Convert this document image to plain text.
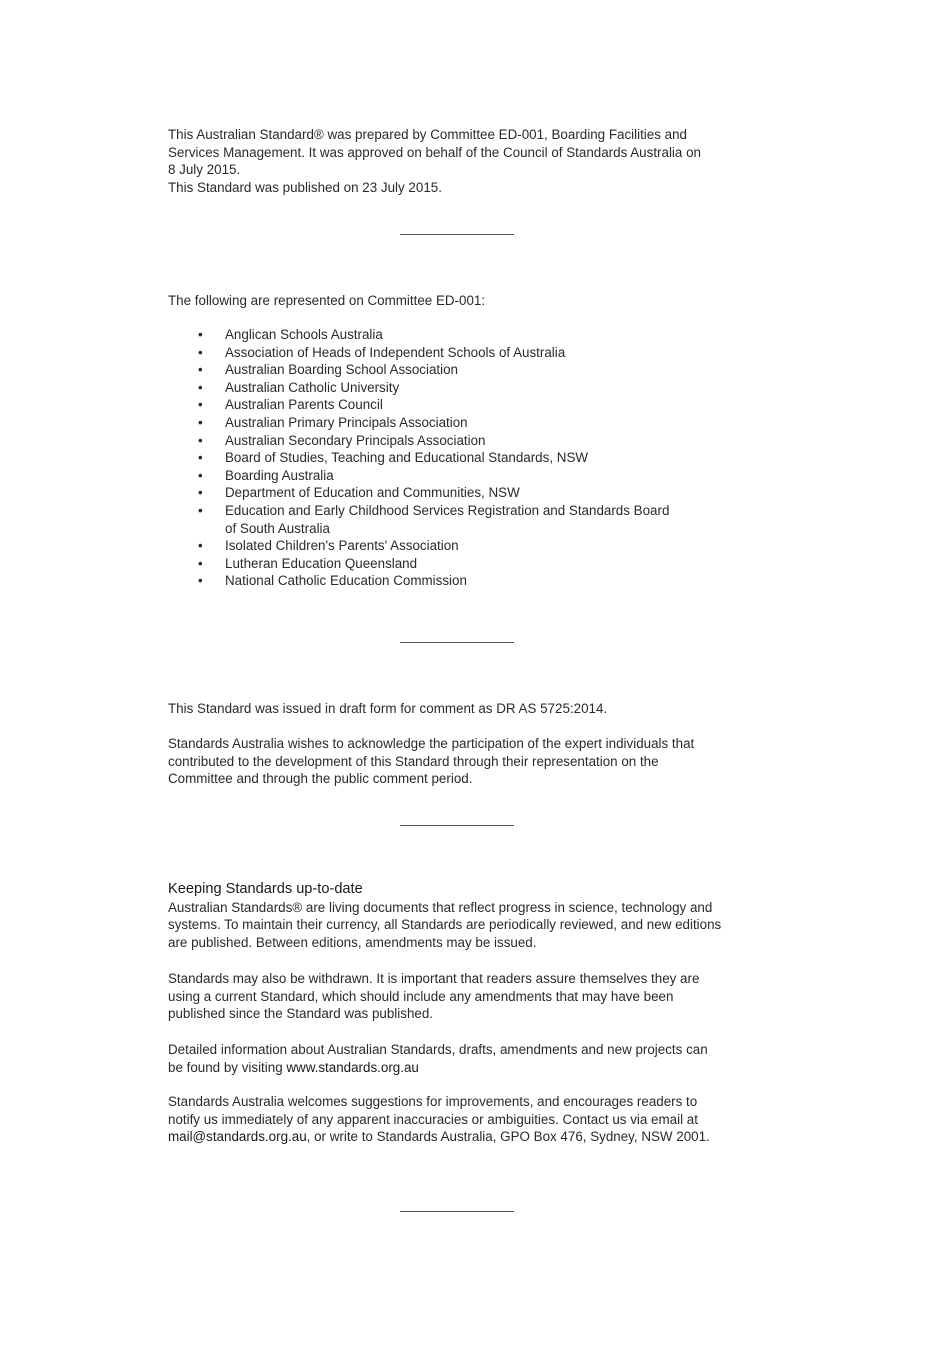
This Australian Standard® was prepared by Committee ED-001, Boarding Facilities and

Services Management. It was approved on behalf of the Council of Standards Australia on

8 July 2015.

This Standard was published on 23 July 2015.

The following are represented on Committee ED-001:

• Anglican Schools Australia
• Association of Heads of Independent Schools of Australia
• Australian Boarding School Association
• Australian Catholic University
• Australian Parents Council
• Australian Primary Principals Association
• Australian Secondary Principals Association
• Board of Studies, Teaching and Educational Standards, NSW
• Boarding Australia
• Department of Education and Communities, NSW
• Education and Early Childhood Services Registration and Standards Board
of South Australia
• Isolated Children's Parents' Association
• Lutheran Education Queensland
• National Catholic Education Commission

This Standard was issued in draft form for comment as DR AS 5725:2014.

Standards Australia wishes to acknowledge the participation of the expert individuals that

contributed to the development of this Standard through their representation on the

Committee and through the public comment period.

Keeping Standards up-to-date

Australian Standards® are living documents that reflect progress in science, technology and

systems. To maintain their currency, all Standards are periodically reviewed, and new editions

are published. Between editions, amendments may be issued.

Standards may also be withdrawn. It is important that readers assure themselves they are

using a current Standard, which should include any amendments that may have been

published since the Standard was published.

Detailed information about Australian Standards, drafts, amendments and new projects can

be found by visiting www.standards.org.au

Standards Australia welcomes suggestions for improvements, and encourages readers to

notify us immediately of any apparent inaccuracies or ambiguities. Contact us via email at

mail@standards.org.au, or write to Standards Australia, GPO Box 476, Sydney, NSW 2001.
